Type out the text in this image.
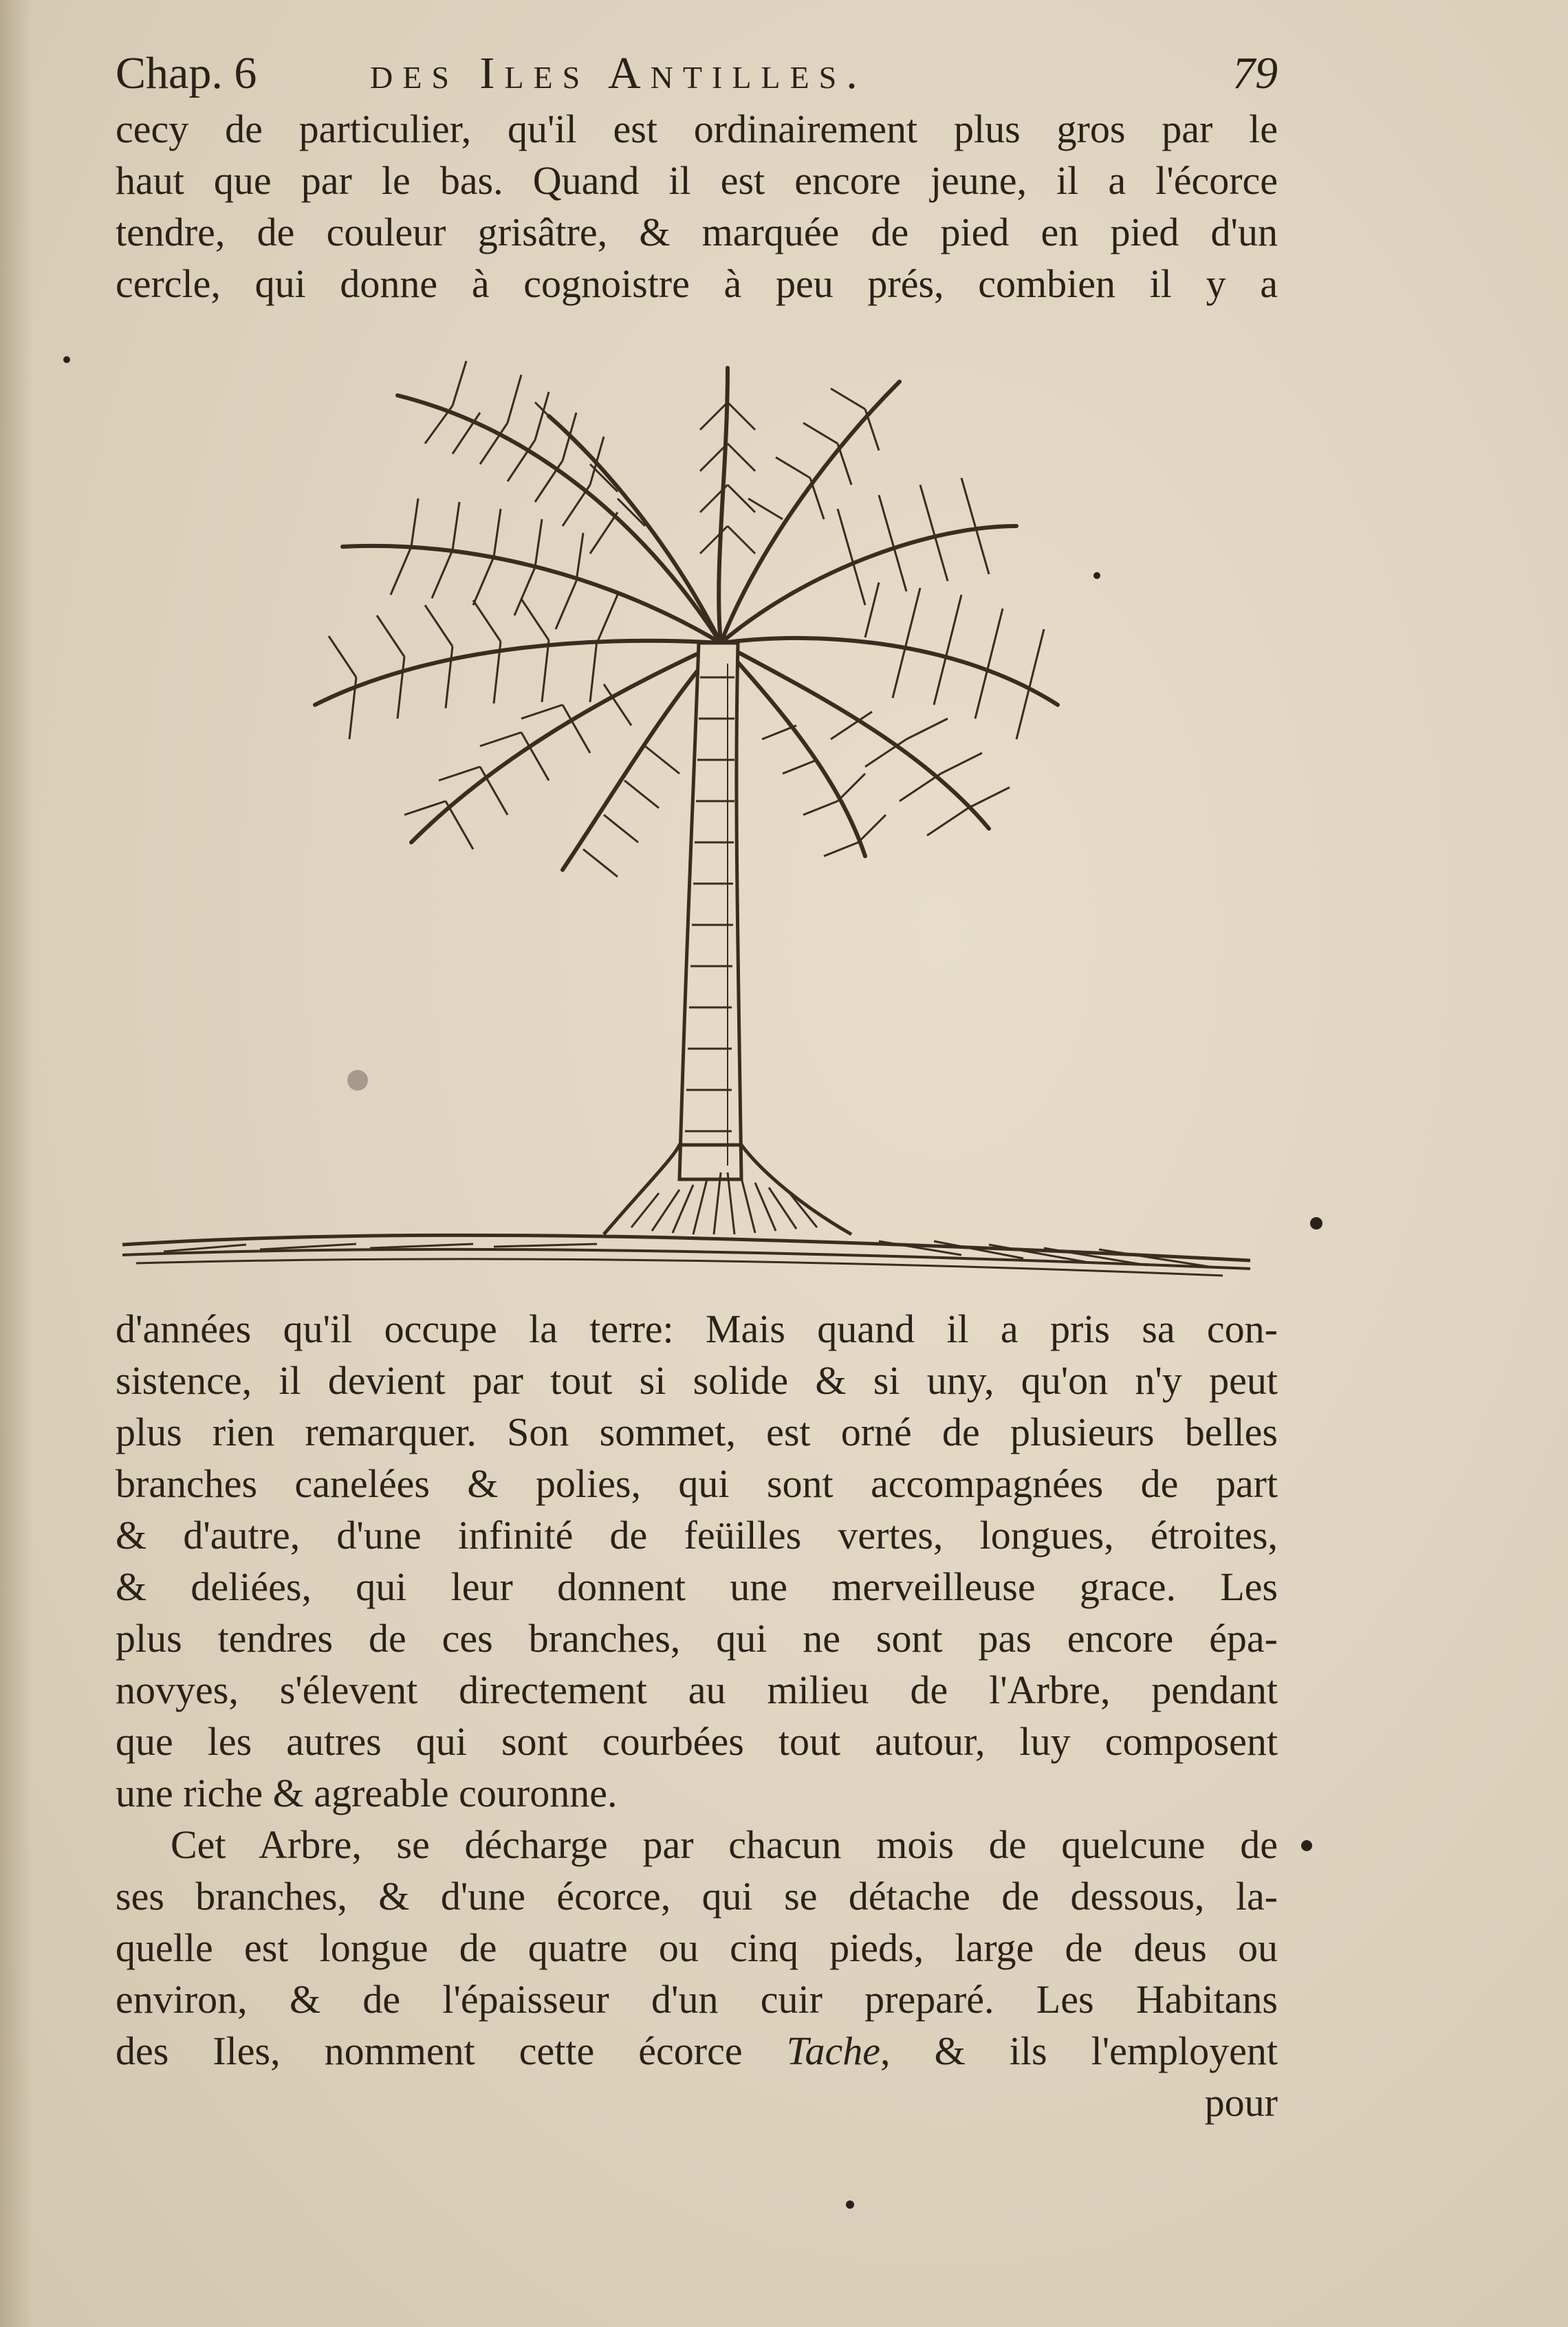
Chap. 6 des Iles Antilles.	79
cecy de particulier, qu'il est ordinairement plus gros par le
haut que par le bas. Quand il est encore jeune, il a l'écorce
tendre, de couleur grisâtre, & marquée de pied en pied d'un
cercle, qui donne à cognoistre à peu prés, combien il y a
d'années qu'il occupe la terre: Mais quand il a pris sa con-
sistence, il devient par tout si solide & si uny, qu'on n'y peut
plus rien remarquer. Son sommet, est orné de plusieurs belles
branches canelées & polies, qui sont accompagnées de part
& d'autre, d'une infinité de feüilles vertes, longues, étroites,
& deliées, qui leur donnent une merveilleuse grace. Les
plus tendres de ces branches, qui ne sont pas encore épa-
novyes, s'élevent directement au milieu de l'Arbre, pendant
que les autres qui sont courbées tout autour, luy composent
une riche & agreable couronne.
Cet Arbre, se décharge par chacun mois de quelcune de
ses branches, & d'une écorce, qui se détache de dessous, la-
quelle est longue de quatre ou cinq pieds, large de deus ou
environ, & de l'épaisseur d'un cuir preparé. Les Habitans
des Iles, nomment cette écorce Tache, & ils l'employent
pour
